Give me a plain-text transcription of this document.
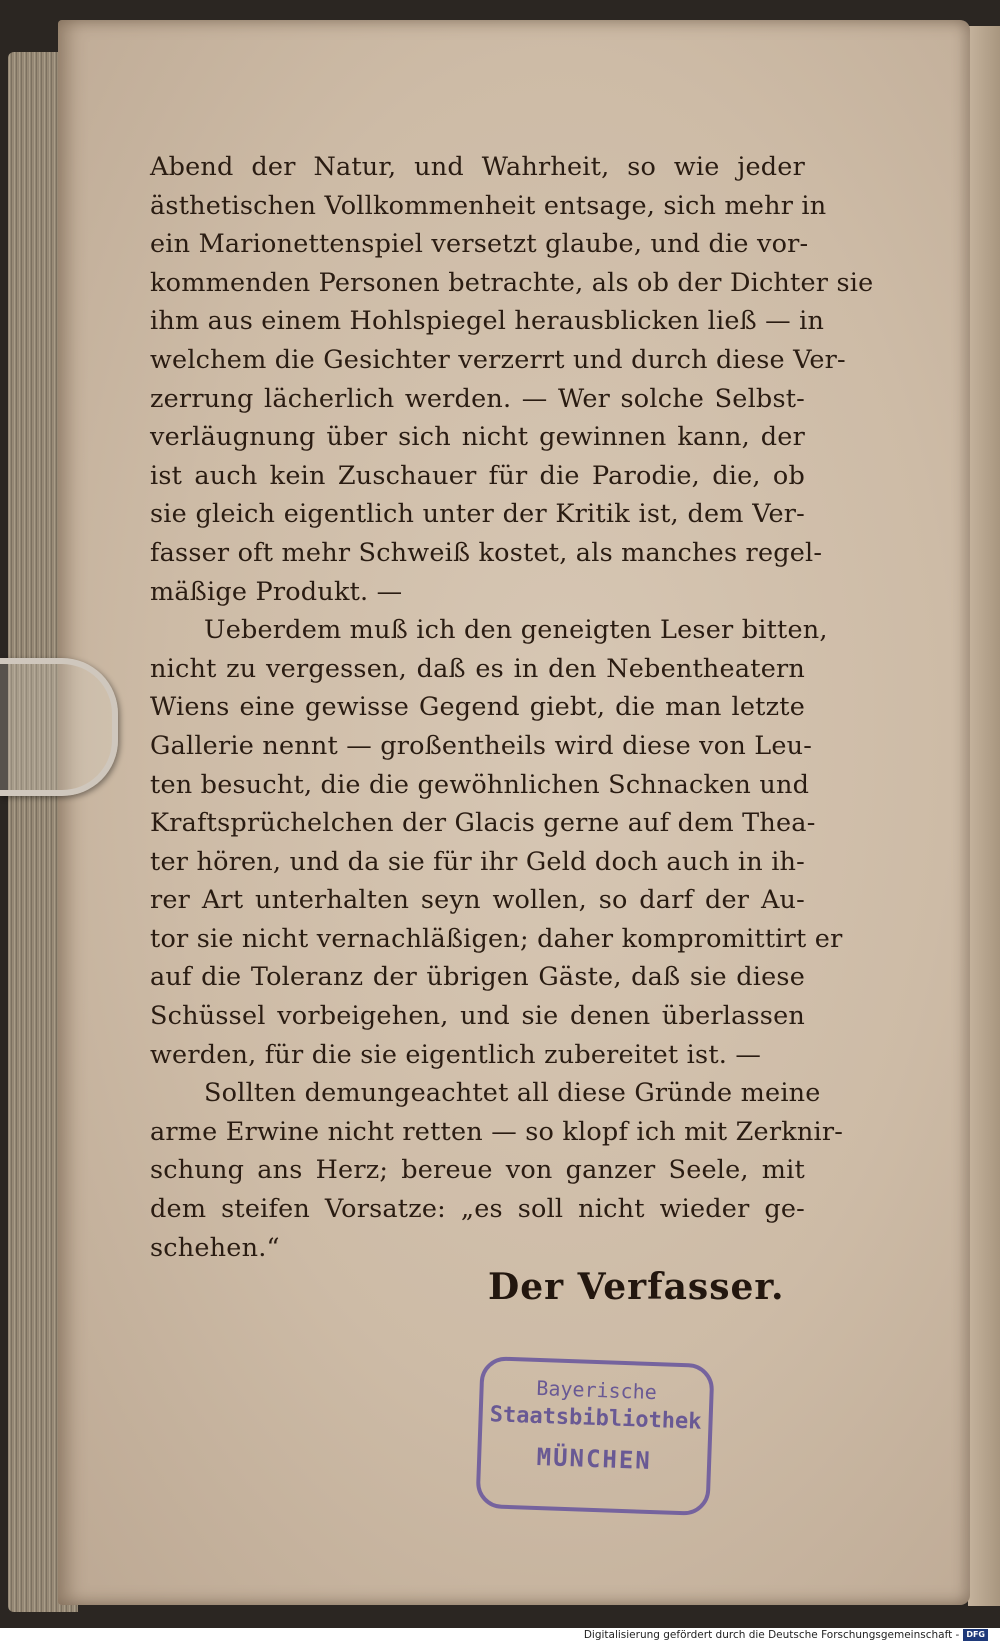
Abend der Natur, und Wahrheit, so wie jeder
ästhetischen Vollkommenheit entsage, sich mehr in
ein Marionettenspiel versetzt glaube, und die vor-
kommenden Personen betrachte, als ob der Dichter sie
ihm aus einem Hohlspiegel herausblicken ließ — in
welchem die Gesichter verzerrt und durch diese Ver-
zerrung lächerlich werden. — Wer solche Selbst-
verläugnung über sich nicht gewinnen kann, der
ist auch kein Zuschauer für die Parodie, die, ob
sie gleich eigentlich unter der Kritik ist, dem Ver-
fasser oft mehr Schweiß kostet, als manches regel-
mäßige Produkt. —
Ueberdem muß ich den geneigten Leser bitten,
nicht zu vergessen, daß es in den Nebentheatern
Wiens eine gewisse Gegend giebt, die man letzte
Gallerie nennt — großentheils wird diese von Leu-
ten besucht, die die gewöhnlichen Schnacken und
Kraftsprüchelchen der Glacis gerne auf dem Thea-
ter hören, und da sie für ihr Geld doch auch in ih-
rer Art unterhalten seyn wollen, so darf der Au-
tor sie nicht vernachläßigen; daher kompromittirt er
auf die Toleranz der übrigen Gäste, daß sie diese
Schüssel vorbeigehen, und sie denen überlassen
werden, für die sie eigentlich zubereitet ist. —
Sollten demungeachtet all diese Gründe meine
arme Erwine nicht retten — so klopf ich mit Zerknir-
schung ans Herz; bereue von ganzer Seele, mit
dem steifen Vorsatze: „es soll nicht wieder ge-
schehen.“
Der Verfasser.
Bayerische
Staatsbibliothek
MÜNCHEN
Digitalisierung gefördert durch die Deutsche Forschungsgemeinschaft - DFG
